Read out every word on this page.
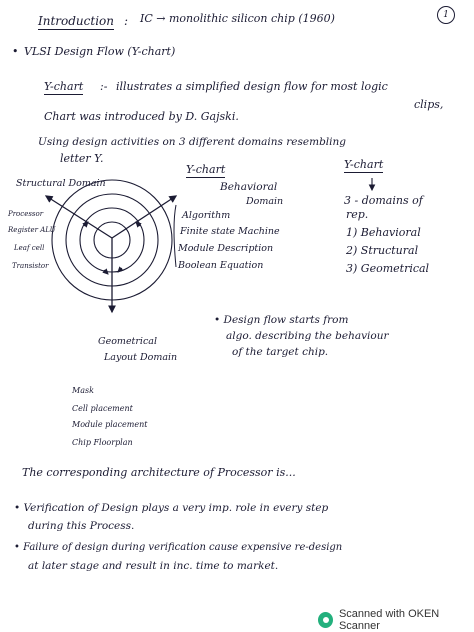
Introduction : IC → monolithic silicon chip (1960)	1
• VLSI Design Flow (Y-chart)
Y-chart :- illustrates a simplified design flow for most logic
clips,
Chart was introduced by D. Gajski.
Using design activities on 3 different domains resembling
letter Y.
Structural Domain
Y-chart
Behavioral
Domain
Processor
Register ALU
Leaf cell
Transistor
Algorithm
Finite state Machine
Module Description
Boolean Equation
Geometrical
Layout Domain
Mask
Cell placement
Module placement
Chip Floorplan
Y-chart
3 - domains of
rep.
1) Behavioral
2) Structural
3) Geometrical
• Design flow starts from
algo. describing the behaviour
of the target chip.
The corresponding architecture of Processor is...
• Verification of Design plays a very imp. role in every step
during this Process.
• Failure of design during verification cause expensive re-design
at later stage and result in inc. time to market.
Scanned with OKEN Scanner
